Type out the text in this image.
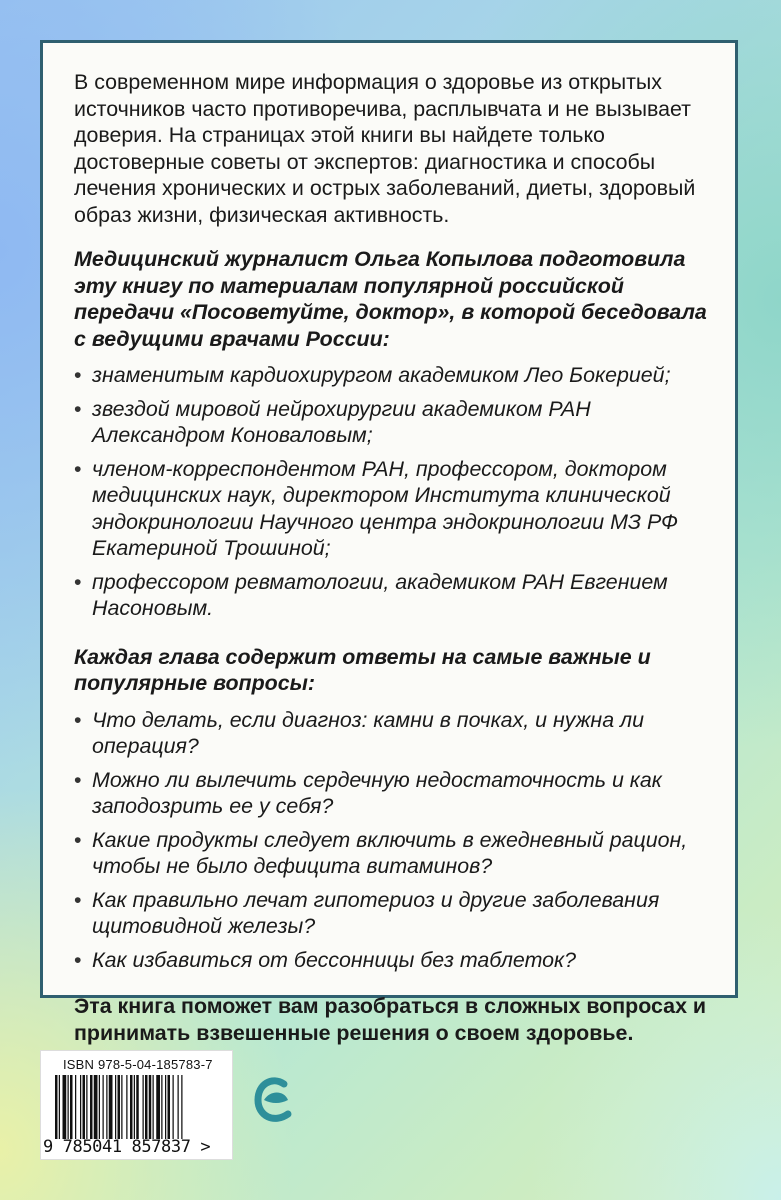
В современном мире информация о здоровье из открытых источников часто противоречива, расплывчата и не вызывает доверия. На страницах этой книги вы найдете только достоверные советы от экспертов: диагностика и способы лечения хронических и острых заболеваний, диеты, здоровый образ жизни, физическая активность.

Медицинский журналист Ольга Копылова подготовила эту книгу по материалам популярной российской передачи «Посоветуйте, доктор», в которой беседовала с ведущими врачами России:

• знаменитым кардиохирургом академиком Лео Бокерией;
• звездой мировой нейрохирургии академиком РАН Александром Коноваловым;
• членом-корреспондентом РАН, профессором, доктором медицинских наук, директором Института клинической эндокринологии Научного центра эндокринологии МЗ РФ Екатериной Трошиной;
• профессором ревматологии, академиком РАН Евгением Насоновым.

Каждая глава содержит ответы на самые важные и популярные вопросы:

• Что делать, если диагноз: камни в почках, и нужна ли операция?
• Можно ли вылечить сердечную недостаточность и как заподозрить ее у себя?
• Какие продукты следует включить в ежедневный рацион, чтобы не было дефицита витаминов?
• Как правильно лечат гипотериоз и другие заболевания щитовидной железы?
• Как избавиться от бессонницы без таблеток?

Эта книга поможет вам разобраться в сложных вопросах и принимать взвешенные решения о своем здоровье.

ISBN 978-5-04-185783-7
9 785041 857837 >
